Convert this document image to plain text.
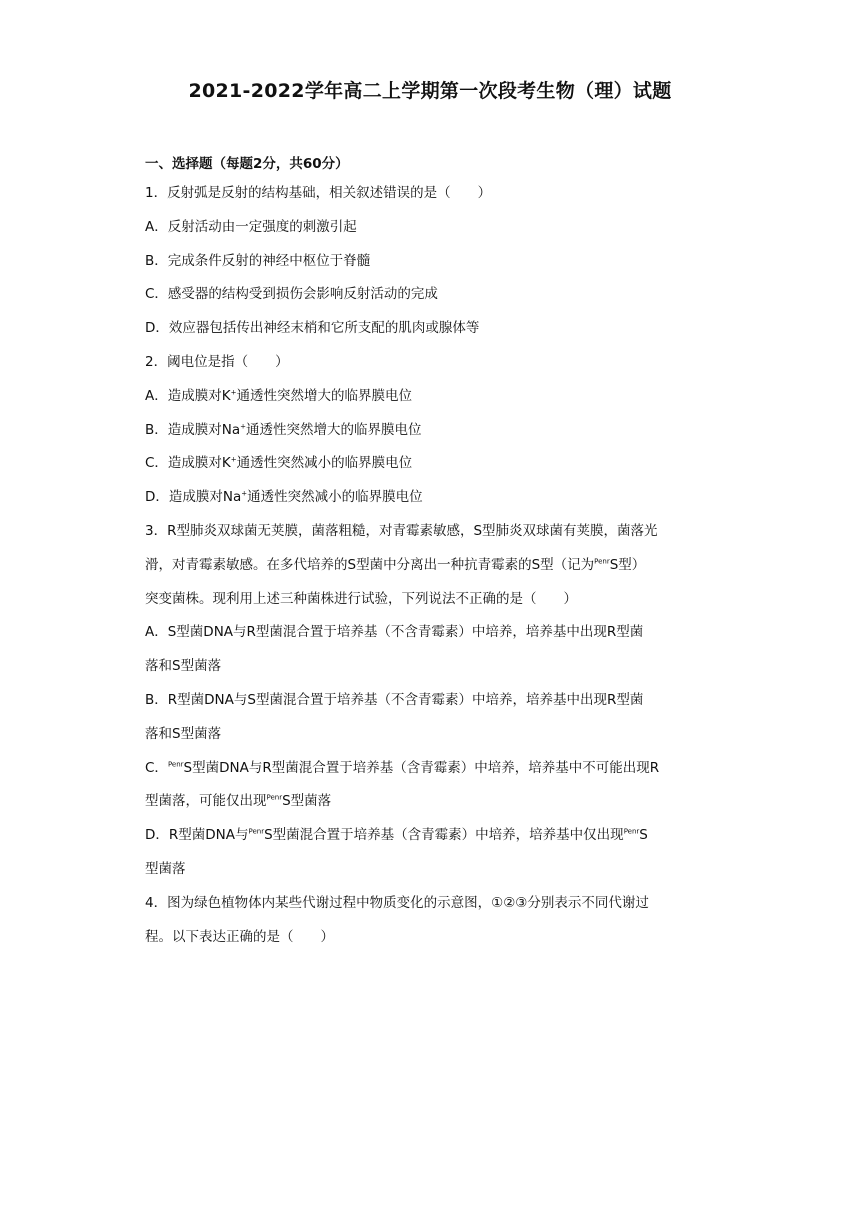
2021-2022学年高二上学期第一次段考生物（理）试题
一、选择题（每题2分，共60分）
1．反射弧是反射的结构基础，相关叙述错误的是（　　）
A．反射活动由一定强度的刺激引起
B．完成条件反射的神经中枢位于脊髓
C．感受器的结构受到损伤会影响反射活动的完成
D．效应器包括传出神经末梢和它所支配的肌肉或腺体等
2．阈电位是指（　　）
A．造成膜对K+通透性突然增大的临界膜电位
B．造成膜对Na+通透性突然增大的临界膜电位
C．造成膜对K+通透性突然减小的临界膜电位
D．造成膜对Na+通透性突然减小的临界膜电位
3．R型肺炎双球菌无荚膜，菌落粗糙，对青霉素敏感，S型肺炎双球菌有荚膜，菌落光
滑，对青霉素敏感。在多代培养的S型菌中分离出一种抗青霉素的S型（记为$^{Penr}$S型）
突变菌株。现利用上述三种菌株进行试验，下列说法不正确的是（　　）
A．S型菌DNA与R型菌混合置于培养基（不含青霉素）中培养，培养基中出现R型菌
落和S型菌落
B．R型菌DNA与S型菌混合置于培养基（不含青霉素）中培养，培养基中出现R型菌
落和S型菌落
C．$^{Penr}$S型菌DNA与R型菌混合置于培养基（含青霉素）中培养，培养基中不可能出现R
型菌落，可能仅出现$^{Penr}$S型菌落
D．R型菌DNA与$^{Penr}$S型菌混合置于培养基（含青霉素）中培养，培养基中仅出现$^{Penr}$S
型菌落
4．图为绿色植物体内某些代谢过程中物质变化的示意图，①②③分别表示不同代谢过
程。以下表达正确的是（　　）
